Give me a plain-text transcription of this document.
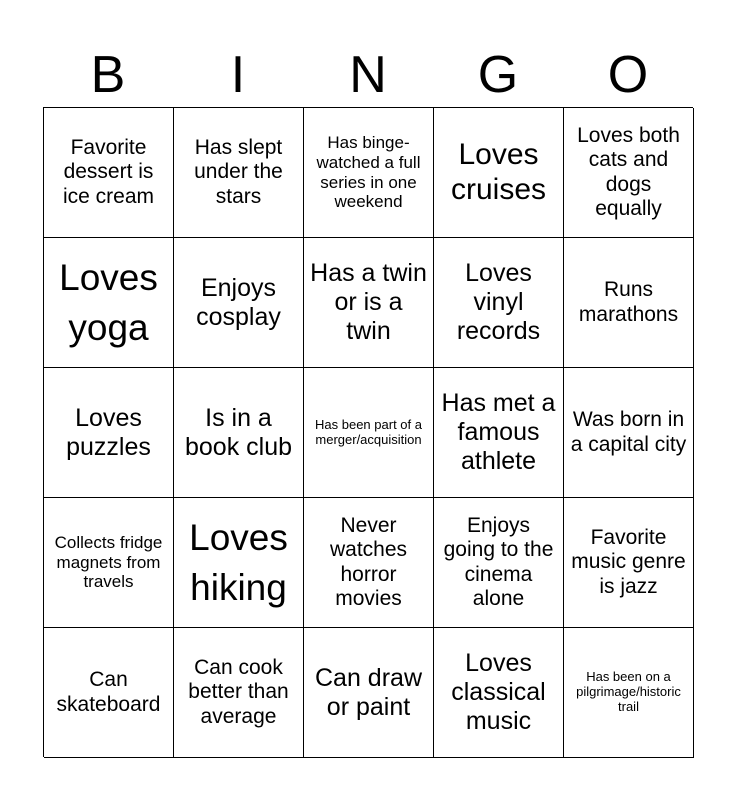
B	I	N	G	O
Favorite dessert is ice cream
Has slept under the stars
Has binge-watched a full series in one weekend
Loves cruises
Loves both cats and dogs equally
Loves yoga
Enjoys cosplay
Has a twin or is a twin
Loves vinyl records
Runs marathons
Loves puzzles
Is in a book club
Has been part of a merger/acquisition
Has met a famous athlete
Was born in a capital city
Collects fridge magnets from travels
Loves hiking
Never watches horror movies
Enjoys going to the cinema alone
Favorite music genre is jazz
Can skateboard
Can cook better than average
Can draw or paint
Loves classical music
Has been on a pilgrimage/historic trail
